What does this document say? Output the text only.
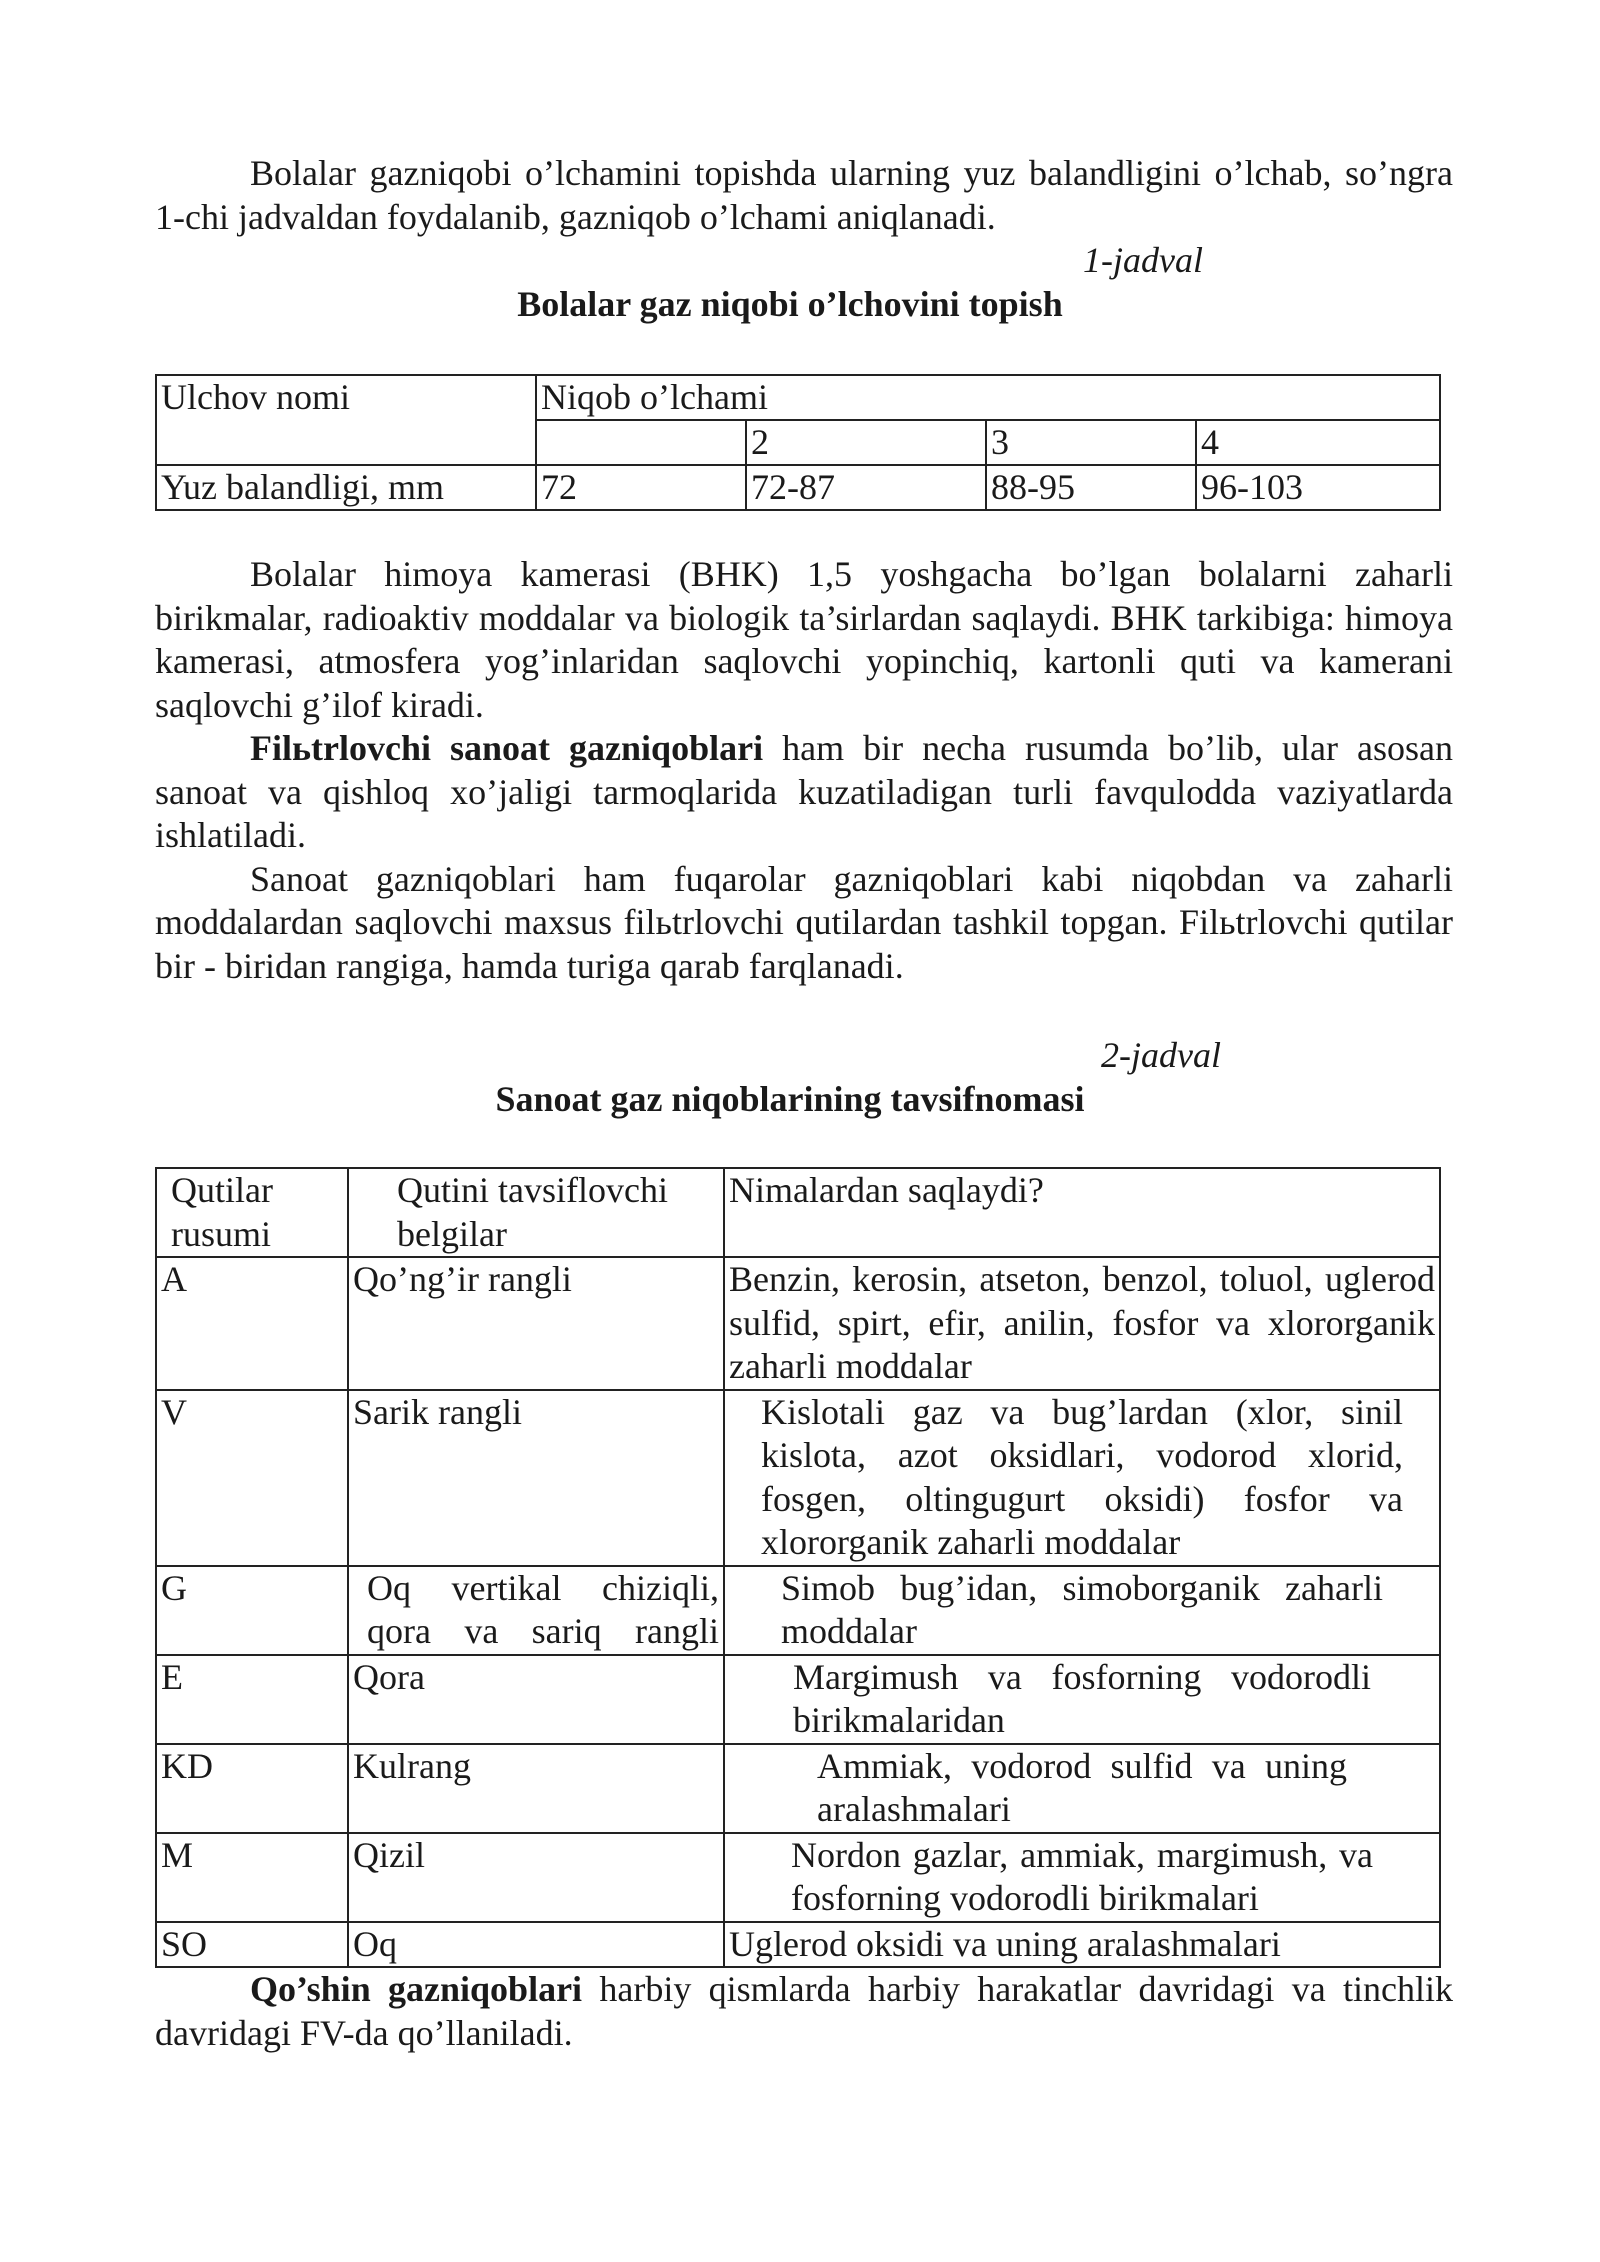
Bolalar gazniqobi o’lchamini topishda ularning yuz balandligini o’lchab, so’ngra 1-chi jadvaldan foydalanib, gazniqob o’lchami aniqlanadi.

1-jadval

Bolalar gaz niqobi o’lchovini topish

Ulchov nomi	Niqob o’lchami			
		2	3	4
Yuz balandligi, mm	72	72-87	88-95	96-103

Bolalar himoya kamerasi (BHK) 1,5 yoshgacha bo’lgan bolalarni zaharli birikmalar, radioaktiv moddalar va biologik ta’sirlardan saqlaydi. BHK tarkibiga: himoya kamerasi, atmosfera yog’inlaridan saqlovchi yopinchiq, kartonli quti va kamerani saqlovchi g’ilof kiradi.

Filьtrlovchi sanoat gazniqoblari ham bir necha rusumda bo’lib, ular asosan sanoat va qishloq xo’jaligi tarmoqlarida kuzatiladigan turli favqulodda vaziyatlarda ishlatiladi.

Sanoat gazniqoblari ham fuqarolar gazniqoblari kabi niqobdan va zaharli moddalardan saqlovchi maxsus filьtrlovchi qutilardan tashkil topgan. Filьtrlovchi qutilar bir - biridan rangiga, hamda turiga qarab farqlanadi.

2-jadval

Sanoat gaz niqoblarining tavsifnomasi

Qutilar rusumi	Qutini tavsiflovchi belgilar	Nimalardan saqlaydi?
A	Qo’ng’ir rangli	Benzin, kerosin, atseton, benzol, toluol, uglerod sulfid, spirt, efir, anilin, fosfor va xlororganik zaharli moddalar
V	Sarik rangli	Kislotali gaz va bug’lardan (xlor, sinil kislota, azot oksidlari, vodorod xlorid, fosgen, oltingugurt oksidi) fosfor va xlororganik zaharli moddalar
G	Oq vertikal chiziqli, qora va sariq rangli	Simob bug’idan, simoborganik zaharli moddalar
E	Qora	Margimush va fosforning vodorodli birikmalaridan
KD	Kulrang	Ammiak, vodorod sulfid va uning aralashmalari
M	Qizil	Nordon gazlar, ammiak, margimush, va fosforning vodorodli birikmalari
SO	Oq	Uglerod oksidi va uning aralashmalari

Qo’shin gazniqoblari harbiy qismlarda harbiy harakatlar davridagi va tinchlik davridagi FV-da qo’llaniladi.
